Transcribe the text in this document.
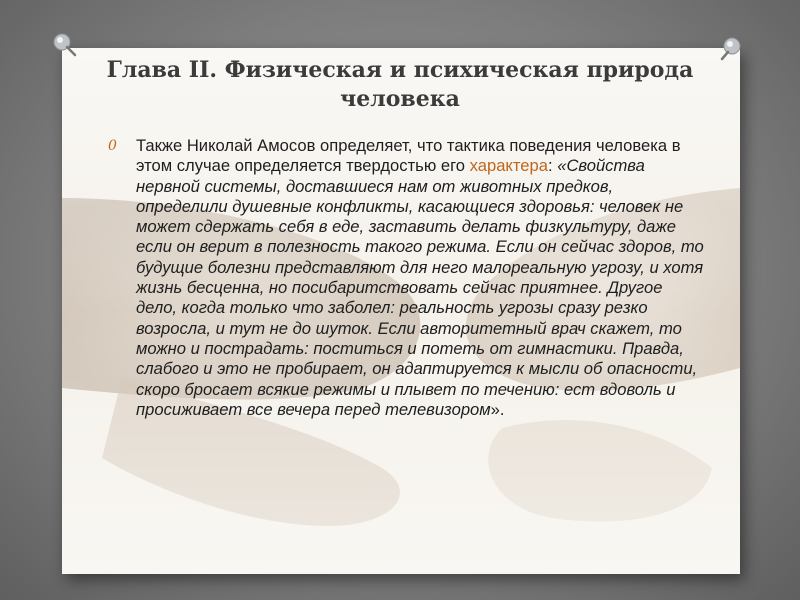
Глава II. Физическая и психическая природа человека
0 Также Николай Амосов определяет, что тактика поведения человека в этом случае определяется твердостью его характера: «Свойства нервной системы, доставшиеся нам от животных предков, определили душевные конфликты, касающиеся здоровья: человек не может сдержать себя в еде, заставить делать физкультуру, даже если он верит в полезность такого режима. Если он сейчас здоров, то будущие болезни представляют для него малореальную угрозу, и хотя жизнь бесценна, но посибаритствовать сейчас приятнее. Другое дело, когда только что заболел: реальность угрозы сразу резко возросла, и тут не до шуток. Если авторитетный врач скажет, то можно и пострадать: поститься и потеть от гимнастики. Правда, слабого и это не пробирает, он адаптируется к мысли об опасности, скоро бросает всякие режимы и плывет по течению: ест вдоволь и просиживает все вечера перед телевизором».
